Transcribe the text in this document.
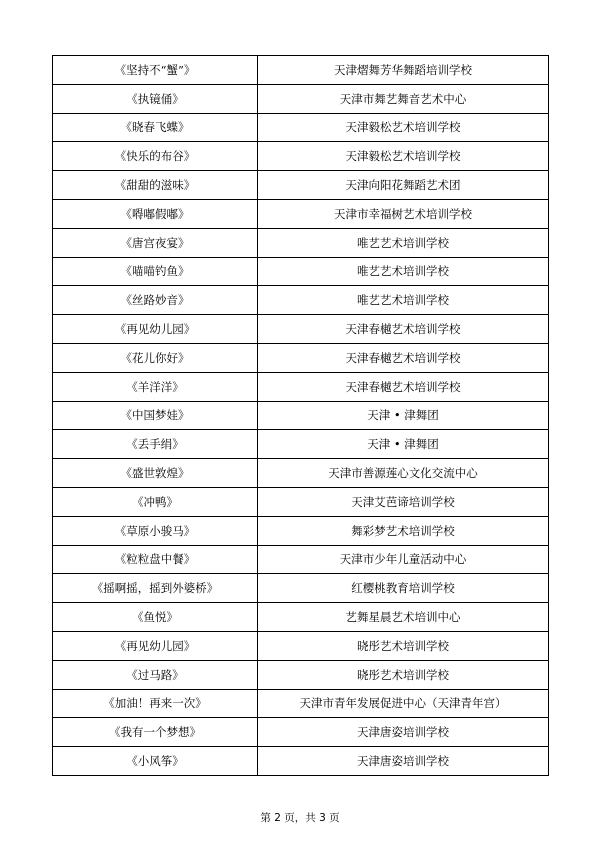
《坚持不“蟹”》	天津熠舞芳华舞蹈培训学校
《执镜俑》	天津市舞艺舞音艺术中心
《晓春飞蝶》	天津毅松艺术培训学校
《快乐的布谷》	天津毅松艺术培训学校
《甜甜的滋味》	天津向阳花舞蹈艺术团
《嘚嘟假嘟》	天津市幸福树艺术培训学校
《唐宫夜宴》	唯艺艺术培训学校
《喵喵钓鱼》	唯艺艺术培训学校
《丝路妙音》	唯艺艺术培训学校
《再见幼儿园》	天津春樾艺术培训学校
《花儿你好》	天津春樾艺术培训学校
《羊洋洋》	天津春樾艺术培训学校
《中国梦娃》	天津 • 津舞团
《丢手绢》	天津 • 津舞团
《盛世敦煌》	天津市善源莲心文化交流中心
《冲鸭》	天津艾芭谛培训学校
《草原小骏马》	舞彩梦艺术培训学校
《粒粒盘中餐》	天津市少年儿童活动中心
《摇啊摇，摇到外婆桥》	红樱桃教育培训学校
《鱼悦》	艺舞星晨艺术培训中心
《再见幼儿园》	晓彤艺术培训学校
《过马路》	晓彤艺术培训学校
《加油！再来一次》	天津市青年发展促进中心（天津青年宫）
《我有一个梦想》	天津唐姿培训学校
《小风筝》	天津唐姿培训学校
第 2 页，共 3 页
